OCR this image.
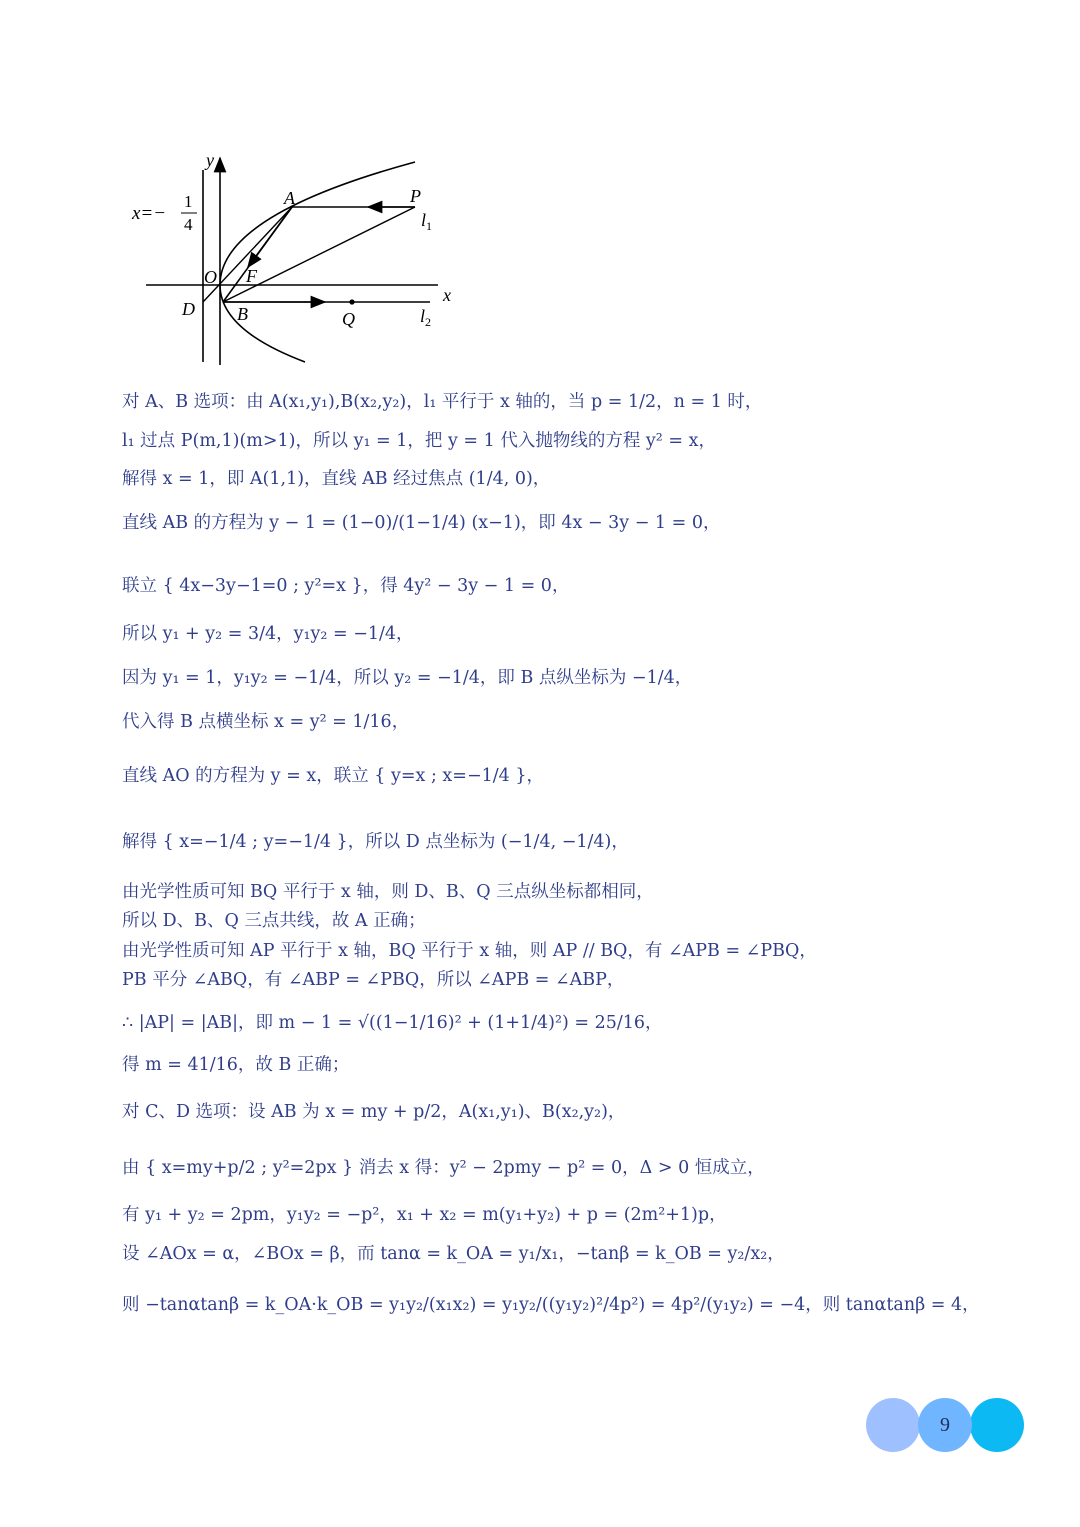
y
x
x=−
1
4
A	P
$l_1$
O F
D B	Q	$l_2$
对 A、B 选项：由 A(x₁,y₁),B(x₂,y₂)，l₁ 平行于 x 轴的，当 p = 1/2，n = 1 时，
l₁ 过点 P(m,1)(m>1)，所以 y₁ = 1，把 y = 1 代入抛物线的方程 y² = x，
解得 x = 1，即 A(1,1)，直线 AB 经过焦点 (1/4, 0)，
直线 AB 的方程为 y − 1 = (1−0)/(1−1/4) (x−1)，即 4x − 3y − 1 = 0，
联立 { 4x−3y−1=0 ; y²=x }，得 4y² − 3y − 1 = 0，
所以 y₁ + y₂ = 3/4，y₁y₂ = −1/4，
因为 y₁ = 1，y₁y₂ = −1/4，所以 y₂ = −1/4，即 B 点纵坐标为 −1/4，
代入得 B 点横坐标 x = y² = 1/16，
直线 AO 的方程为 y = x，联立 { y=x ; x=−1/4 }，
解得 { x=−1/4 ; y=−1/4 }，所以 D 点坐标为 (−1/4, −1/4)，
由光学性质可知 BQ 平行于 x 轴，则 D、B、Q 三点纵坐标都相同，
所以 D、B、Q 三点共线，故 A 正确；
由光学性质可知 AP 平行于 x 轴，BQ 平行于 x 轴，则 AP // BQ，有 ∠APB = ∠PBQ，
PB 平分 ∠ABQ，有 ∠ABP = ∠PBQ，所以 ∠APB = ∠ABP，
∴ |AP| = |AB|，即 m − 1 = √((1−1/16)² + (1+1/4)²) = 25/16，
得 m = 41/16，故 B 正确；
对 C、D 选项：设 AB 为 x = my + p/2，A(x₁,y₁)、B(x₂,y₂)，
由 { x=my+p/2 ; y²=2px } 消去 x 得：y² − 2pmy − p² = 0，Δ > 0 恒成立，
有 y₁ + y₂ = 2pm，y₁y₂ = −p²，x₁ + x₂ = m(y₁+y₂) + p = (2m²+1)p，
设 ∠AOx = α，∠BOx = β，而 tanα = k_OA = y₁/x₁，−tanβ = k_OB = y₂/x₂，
则 −tanαtanβ = k_OA·k_OB = y₁y₂/(x₁x₂) = y₁y₂/((y₁y₂)²/4p²) = 4p²/(y₁y₂) = −4，则 tanαtanβ = 4，
9
